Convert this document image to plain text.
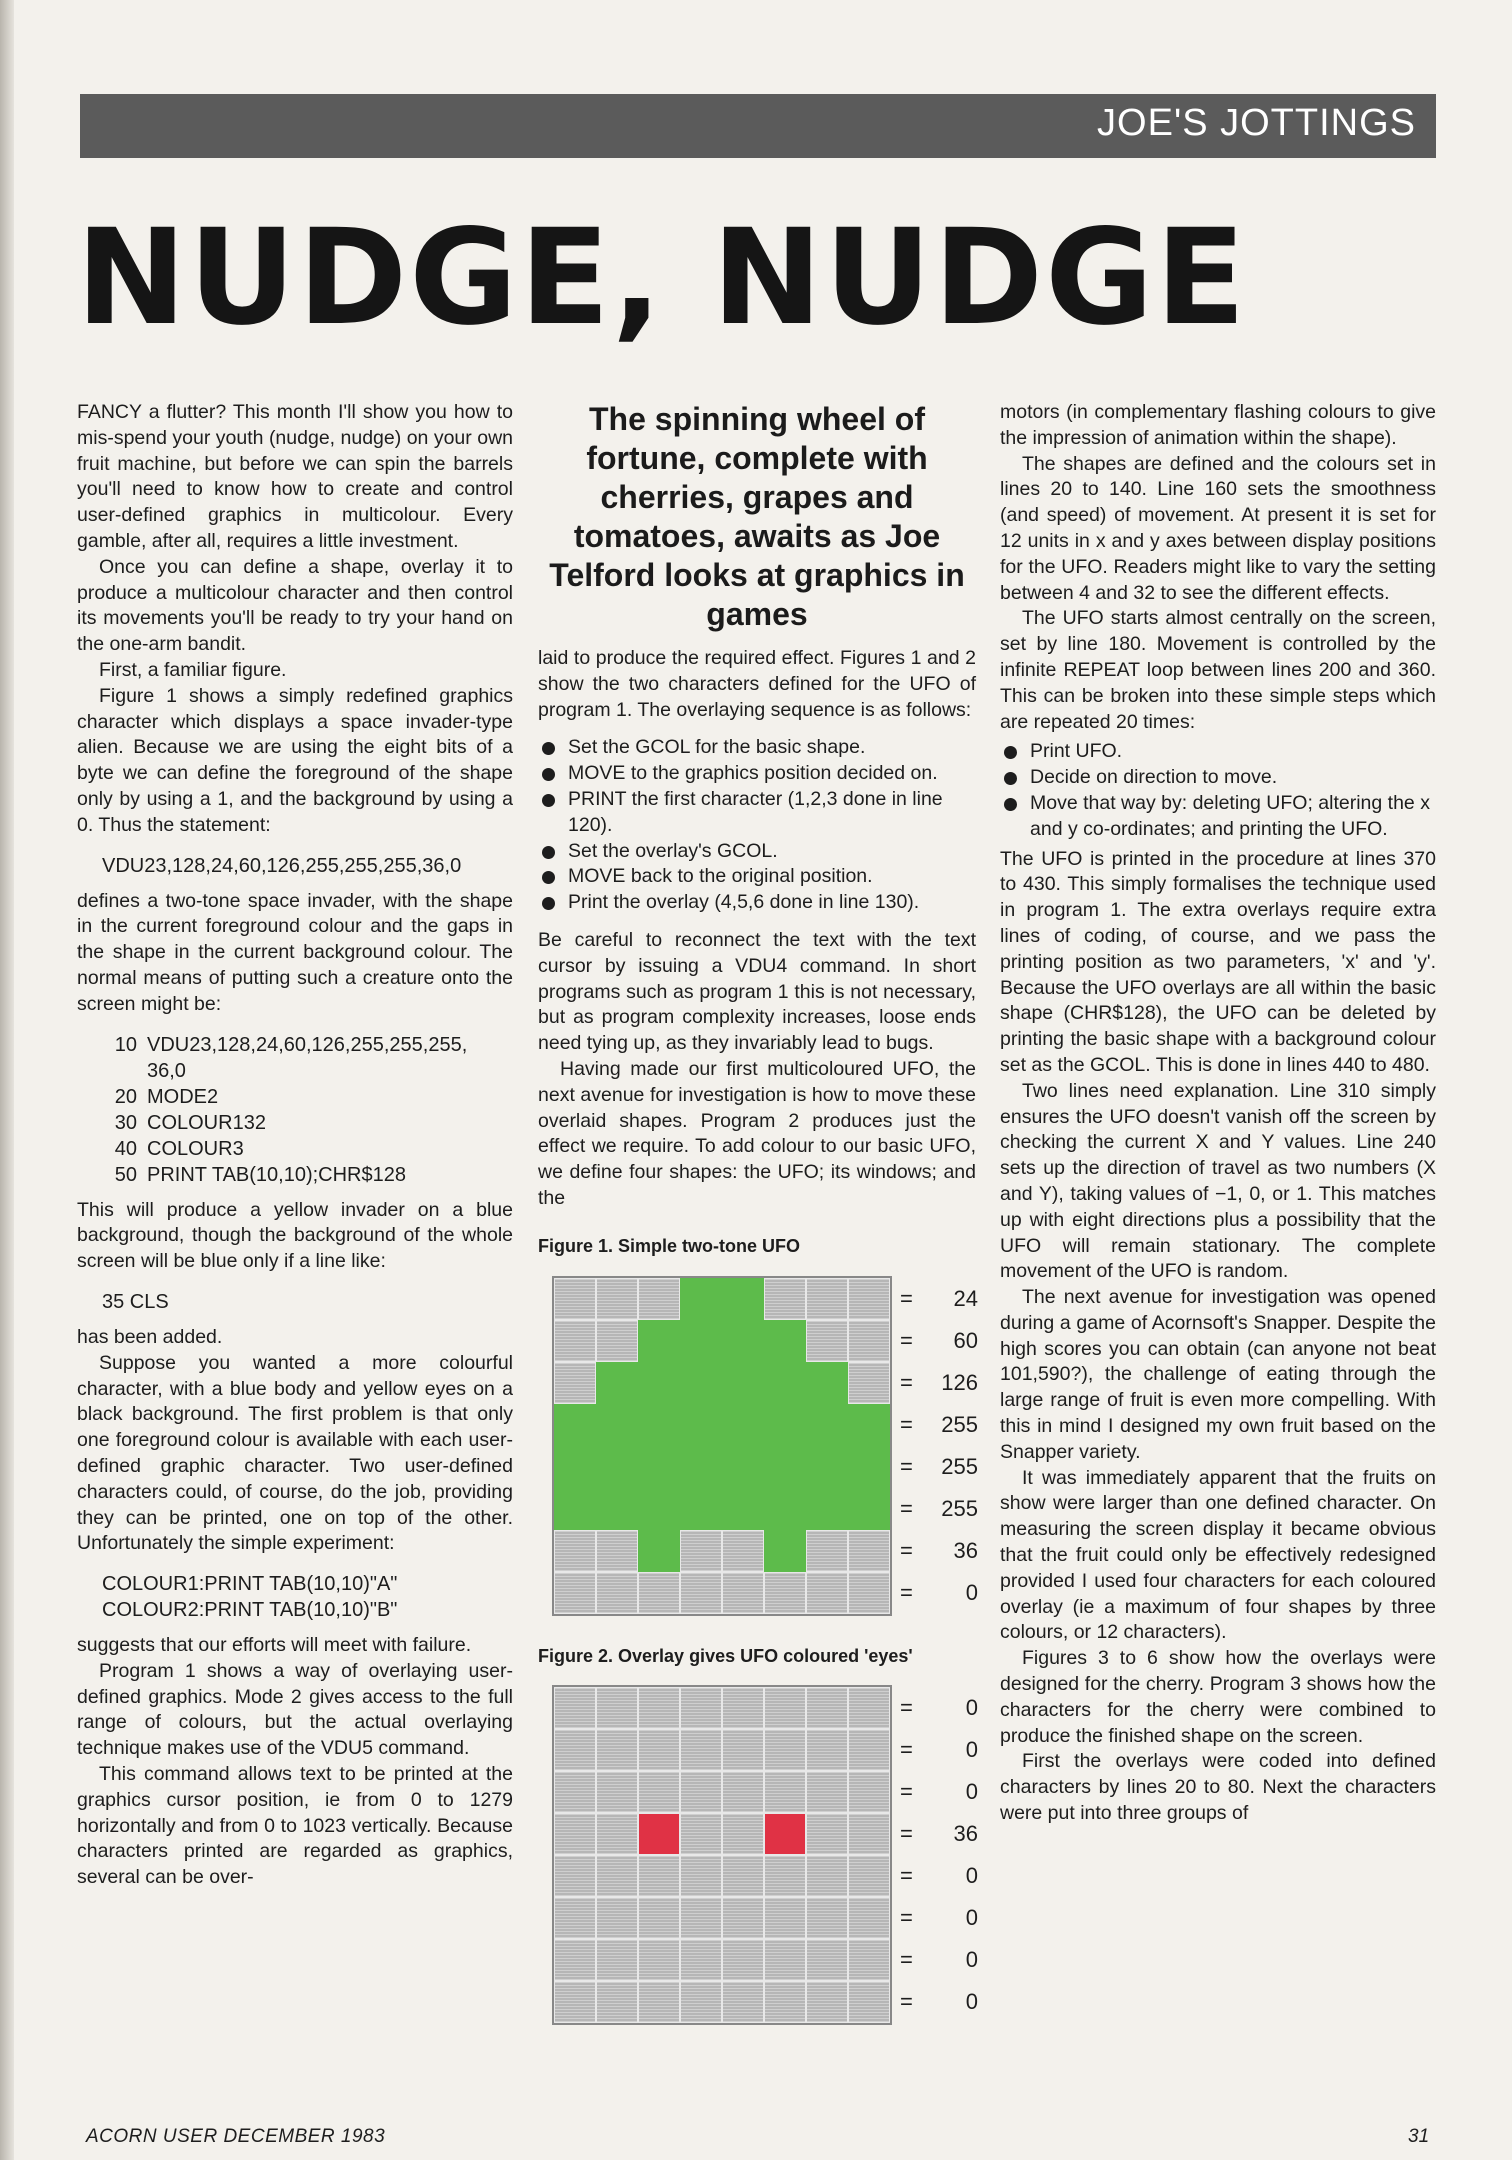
JOE'S JOTTINGS
NUDGE, NUDGE

FANCY a flutter? This month I'll show you how to mis-spend your youth (nudge, nudge) on your own fruit machine, but before we can spin the barrels you'll need to know how to create and control user-defined graphics in multicolour. Every gamble, after all, requires a little investment.

Once you can define a shape, overlay it to produce a multicolour character and then control its movements you'll be ready to try your hand on the one-arm bandit.

First, a familiar figure.

Figure 1 shows a simply redefined graphics character which displays a space invader-type alien. Because we are using the eight bits of a byte we can define the foreground of the shape only by using a 1, and the background by using a 0. Thus the statement:

VDU23,128,24,60,126,255,255,255,36,0

defines a two-tone space invader, with the shape in the current foreground colour and the gaps in the shape in the current background colour. The normal means of putting such a creature onto the screen might be:

10 VDU23,128,24,60,126,255,255,255,
36,0
20 MODE2
30 COLOUR132
40 COLOUR3
50 PRINT TAB(10,10);CHR$128

This will produce a yellow invader on a blue background, though the background of the whole screen will be blue only if a line like:

35 CLS

has been added.

Suppose you wanted a more colourful character, with a blue body and yellow eyes on a black background. The first problem is that only one foreground colour is available with each user-defined graphic character. Two user-defined characters could, of course, do the job, providing they can be printed, one on top of the other. Unfortunately the simple experiment:

COLOUR1:PRINT TAB(10,10)"A"
COLOUR2:PRINT TAB(10,10)"B"

suggests that our efforts will meet with failure.

Program 1 shows a way of overlaying user-defined graphics. Mode 2 gives access to the full range of colours, but the actual overlaying technique makes use of the VDU5 command.

This command allows text to be printed at the graphics cursor position, ie from 0 to 1279 horizontally and from 0 to 1023 vertically. Because characters printed are regarded as graphics, several can be over-

The spinning wheel of fortune, complete with cherries, grapes and tomatoes, awaits as Joe Telford looks at graphics in games

laid to produce the required effect. Figures 1 and 2 show the two characters defined for the UFO of program 1. The overlaying sequence is as follows:

Set the GCOL for the basic shape.
MOVE to the graphics position decided on.
PRINT the first character (1,2,3 done in line 120).
Set the overlay's GCOL.
MOVE back to the original position.
Print the overlay (4,5,6 done in line 130).

Be careful to reconnect the text with the text cursor by issuing a VDU4 command. In short programs such as program 1 this is not necessary, but as program complexity increases, loose ends need tying up, as they invariably lead to bugs.

Having made our first multicoloured UFO, the next avenue for investigation is how to move these overlaid shapes. Program 2 produces just the effect we require. To add colour to our basic UFO, we define four shapes: the UFO; its windows; and the

Figure 1. Simple two-tone UFO
=	24
=	60
=	126
=	255
=	255
=	255
=	36
=	0
Figure 2. Overlay gives UFO coloured 'eyes'
=	0
=	0
=	0
=	36
=	0
=	0
=	0
=	0

motors (in complementary flashing colours to give the impression of animation within the shape).

The shapes are defined and the colours set in lines 20 to 140. Line 160 sets the smoothness (and speed) of movement. At present it is set for 12 units in x and y axes between display positions for the UFO. Readers might like to vary the setting between 4 and 32 to see the different effects.

The UFO starts almost centrally on the screen, set by line 180. Movement is controlled by the infinite REPEAT loop between lines 200 and 360. This can be broken into these simple steps which are repeated 20 times:

Print UFO.
Decide on direction to move.
Move that way by: deleting UFO; altering the x and y co-ordinates; and printing the UFO.

The UFO is printed in the procedure at lines 370 to 430. This simply formalises the technique used in program 1. The extra overlays require extra lines of coding, of course, and we pass the printing position as two parameters, 'x' and 'y'. Because the UFO overlays are all within the basic shape (CHR$128), the UFO can be deleted by printing the basic shape with a background colour set as the GCOL. This is done in lines 440 to 480.

Two lines need explanation. Line 310 simply ensures the UFO doesn't vanish off the screen by checking the current X and Y values. Line 240 sets up the direction of travel as two numbers (X and Y), taking values of −1, 0, or 1. This matches up with eight directions plus a possibility that the UFO will remain stationary. The complete movement of the UFO is random.

The next avenue for investigation was opened during a game of Acornsoft's Snapper. Despite the high scores you can obtain (can anyone not beat 101,590?), the challenge of eating through the large range of fruit is even more compelling. With this in mind I designed my own fruit based on the Snapper variety.

It was immediately apparent that the fruits on show were larger than one defined character. On measuring the screen display it became obvious that the fruit could only be effectively redesigned provided I used four characters for each coloured overlay (ie a maximum of four shapes by three colours, or 12 characters).

Figures 3 to 6 show how the overlays were designed for the cherry. Program 3 shows how the characters for the cherry were combined to produce the finished shape on the screen.

First the overlays were coded into defined characters by lines 20 to 80. Next the characters were put into three groups of

ACORN USER DECEMBER 1983	31
